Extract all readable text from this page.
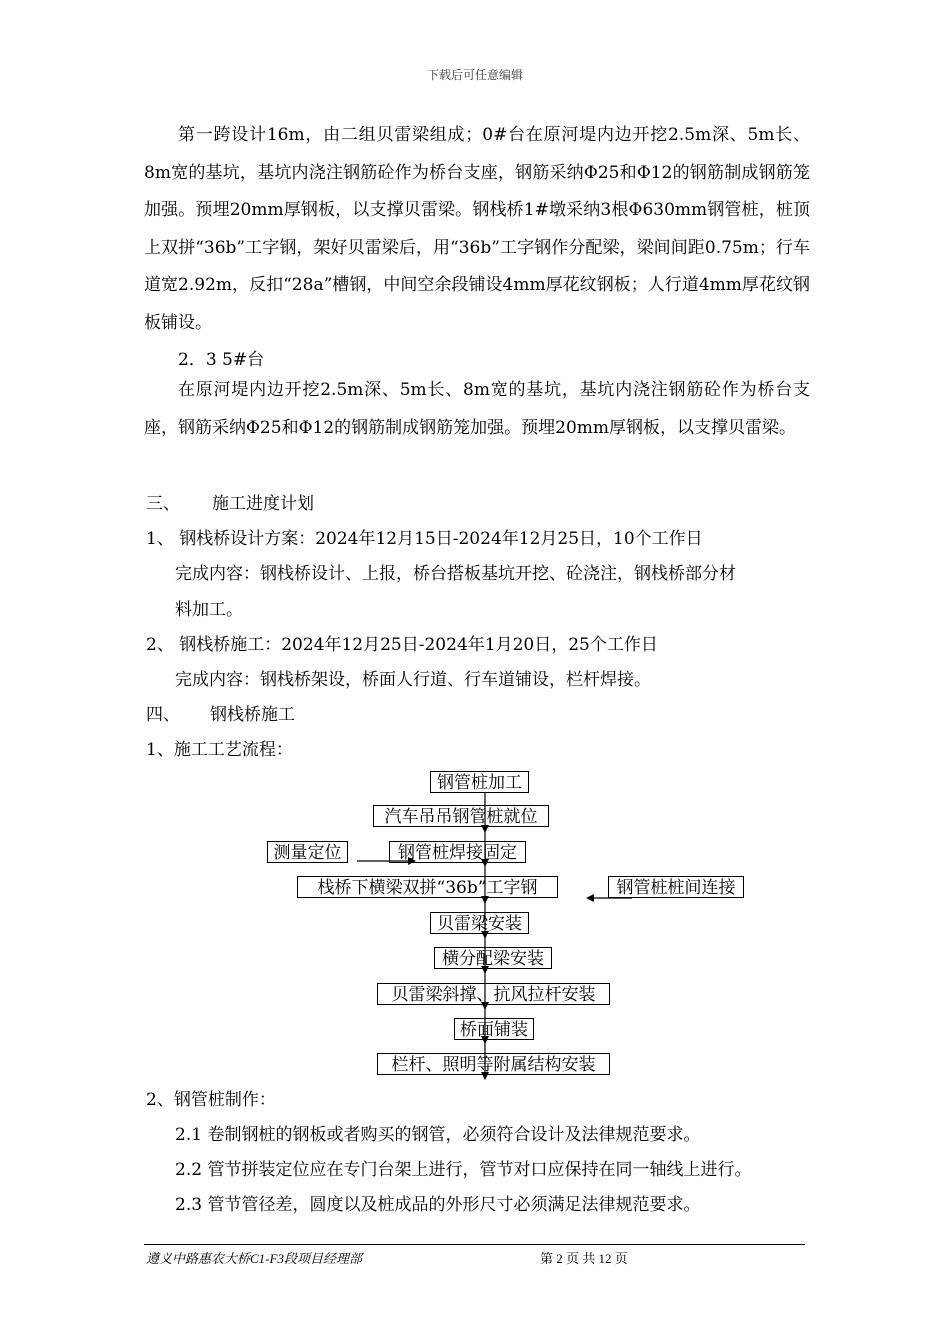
下载后可任意编辑

第一跨设计16m，由二组贝雷梁组成；0#台在原河堤内边开挖2.5m深、5m长、8m宽的基坑，基坑内浇注钢筋砼作为桥台支座，钢筋采纳Φ25和Φ12的钢筋制成钢筋笼加强。预埋20mm厚钢板，以支撑贝雷梁。钢栈桥1#墩采纳3根Φ630mm钢管桩，桩顶上双拼“36b”工字钢，架好贝雷梁后，用“36b”工字钢作分配梁，梁间间距0.75m；行车道宽2.92m，反扣“28a”槽钢，中间空余段铺设4mm厚花纹钢板；人行道4mm厚花纹钢板铺设。

2．3 5#台

在原河堤内边开挖2.5m深、5m长、8m宽的基坑，基坑内浇注钢筋砼作为桥台支座，钢筋采纳Φ25和Φ12的钢筋制成钢筋笼加强。预埋20mm厚钢板，以支撑贝雷梁。

三、 施工进度计划
1、 钢栈桥设计方案：2024年12月15日-2024年12月25日，10个工作日
完成内容：钢栈桥设计、上报，桥台搭板基坑开挖、砼浇注，钢栈桥部分材
料加工。
2、 钢栈桥施工：2024年12月25日-2024年1月20日，25个工作日
完成内容：钢栈桥架设，桥面人行道、行车道铺设，栏杆焊接。
四、 钢栈桥施工
1、施工工艺流程：
钢管桩加工
汽车吊吊钢管桩就位
测量定位	钢管桩焊接固定
栈桥下横梁双拼“36b”工字钢	钢管桩桩间连接
贝雷梁安装
横分配梁安装
贝雷梁斜撑、抗风拉杆安装
桥面铺装
栏杆、照明等附属结构安装
2、钢管桩制作：
2.1 卷制钢桩的钢板或者购买的钢管，必须符合设计及法律规范要求。
2.2 管节拼装定位应在专门台架上进行，管节对口应保持在同一轴线上进行。
2.3 管节管径差，圆度以及桩成品的外形尺寸必须满足法律规范要求。
遵义中路惠农大桥C1-F3段项目经理部	第 2 页 共 12 页
